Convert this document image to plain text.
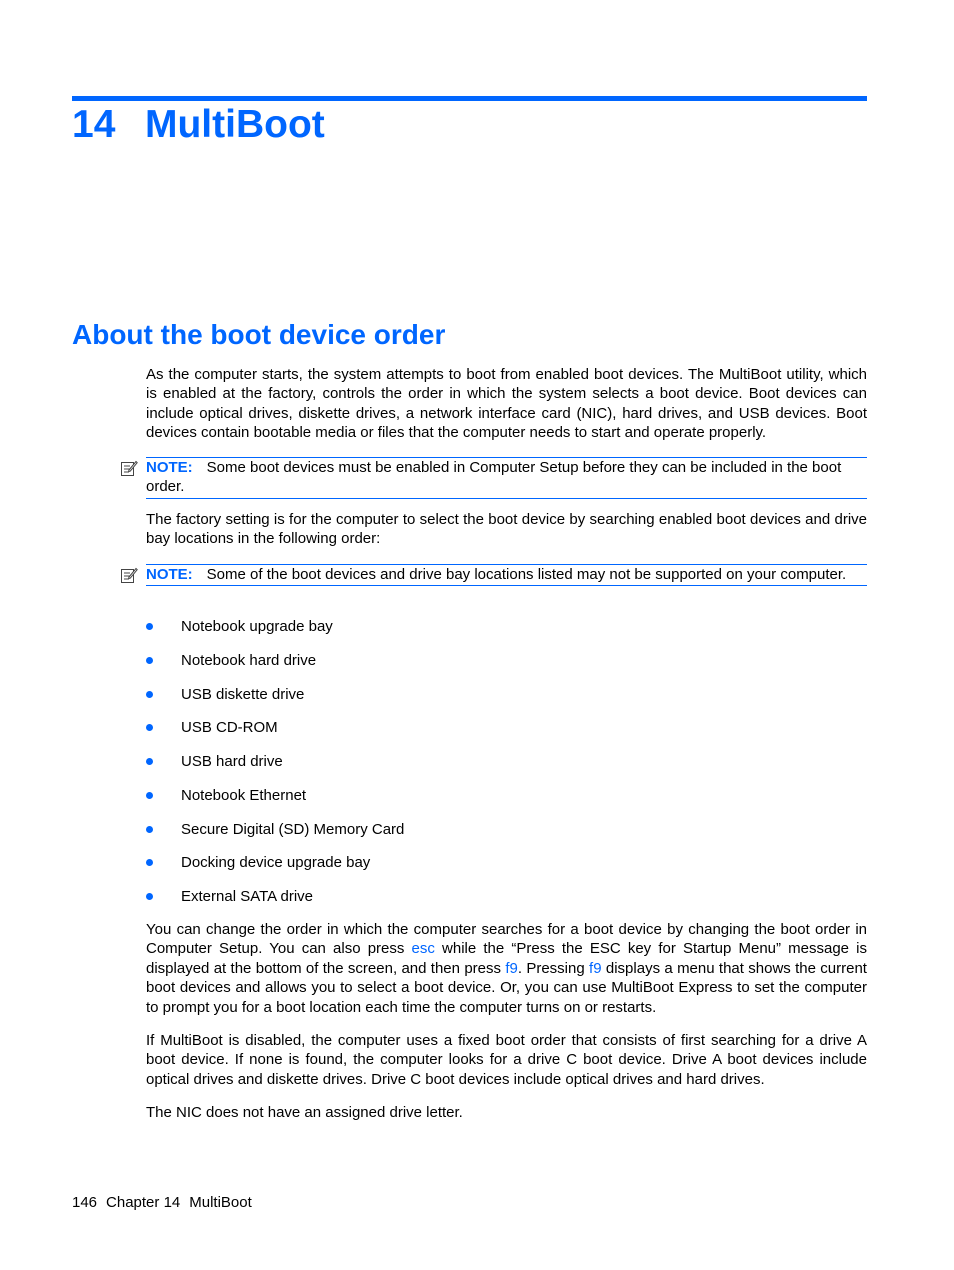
14 MultiBoot
About the boot device order

As the computer starts, the system attempts to boot from enabled boot devices. The MultiBoot utility, which is enabled at the factory, controls the order in which the system selects a boot device. Boot devices can include optical drives, diskette drives, a network interface card (NIC), hard drives, and USB devices. Boot devices contain bootable media or files that the computer needs to start and operate properly.

NOTE: Some boot devices must be enabled in Computer Setup before they can be included in the boot order.

The factory setting is for the computer to select the boot device by searching enabled boot devices and drive bay locations in the following order:

NOTE: Some of the boot devices and drive bay locations listed may not be supported on your computer.
Notebook upgrade bay
Notebook hard drive
USB diskette drive
USB CD-ROM
USB hard drive
Notebook Ethernet
Secure Digital (SD) Memory Card
Docking device upgrade bay
External SATA drive

You can change the order in which the computer searches for a boot device by changing the boot order in Computer Setup. You can also press esc while the “Press the ESC key for Startup Menu” message is displayed at the bottom of the screen, and then press f9. Pressing f9 displays a menu that shows the current boot devices and allows you to select a boot device. Or, you can use MultiBoot Express to set the computer to prompt you for a boot location each time the computer turns on or restarts.

If MultiBoot is disabled, the computer uses a fixed boot order that consists of first searching for a drive A boot device. If none is found, the computer looks for a drive C boot device. Drive A boot devices include optical drives and diskette drives. Drive C boot devices include optical drives and hard drives.

The NIC does not have an assigned drive letter.

146 Chapter 14 MultiBoot
